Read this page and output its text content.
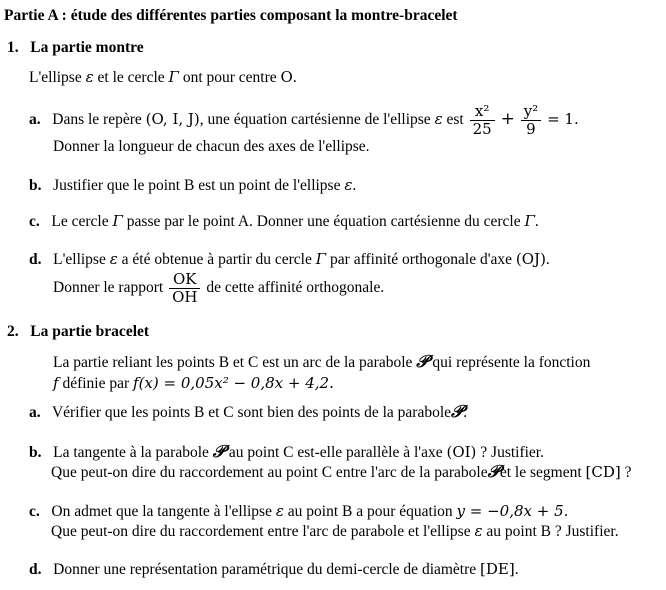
Partie A : étude des différentes parties composant la montre-bracelet
1. La partie montre
L'ellipse ε et le cercle Γ ont pour centre O.
a. Dans le repère (O, I, J), une équation cartésienne de l'ellipse ε est $\frac{\text{x²}}{25} + \frac{\text{y²}}{9} = 1$.
Donner la longueur de chacun des axes de l'ellipse.
b. Justifier que le point B est un point de l'ellipse ε.
c. Le cercle Γ passe par le point A. Donner une équation cartésienne du cercle Γ.
d. L'ellipse ε a été obtenue à partir du cercle Γ par affinité orthogonale d'axe (OJ).
Donner le rapport $\frac{OK}{OH}$ de cette affinité orthogonale.
2. La partie bracelet
La partie reliant les points B et C est un arc de la parabole 𝒫 qui représente la fonction
f définie par f(x) = 0,05x² − 0,8x + 4,2.
a. Vérifier que les points B et C sont bien des points de la parabole𝒫.
b. La tangente à la parabole 𝒫 au point C est-elle parallèle à l'axe (OI) ? Justifier.
Que peut-on dire du raccordement au point C entre l'arc de la parabole𝒫et le segment [CD] ?
c. On admet que la tangente à l'ellipse ε au point B a pour équation y = −0,8x + 5.
Que peut-on dire du raccordement entre l'arc de parabole et l'ellipse ε au point B ? Justifier.
d. Donner une représentation paramétrique du demi-cercle de diamètre [DE].
